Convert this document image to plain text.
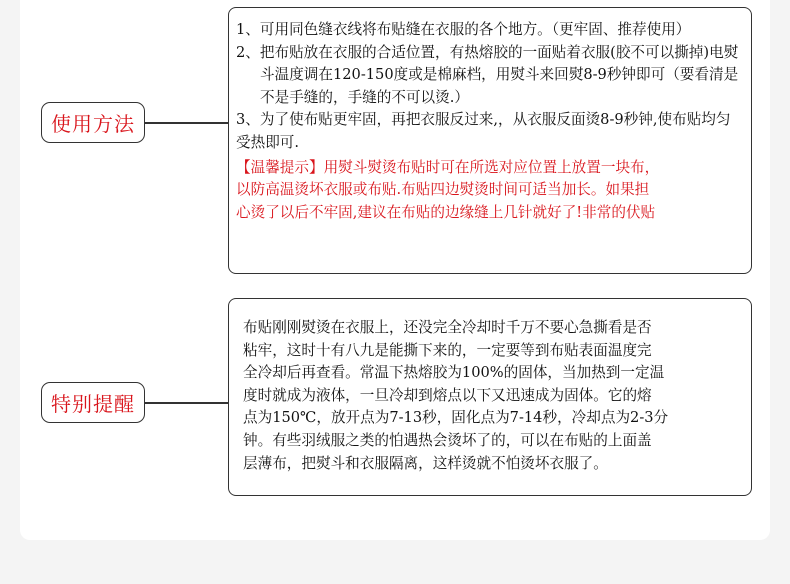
使用方法

1、可用同色缝衣线将布贴缝在衣服的各个地方。（更牢固、推荐使用）

2、把布贴放在衣服的合适位置，有热熔胶的一面贴着衣服(胶不可以撕掉)电熨斗温度调在120-150度或是棉麻档，用熨斗来回熨8-9秒钟即可（要看清是不是手缝的，手缝的不可以烫.）

3、为了使布贴更牢固，再把衣服反过来,，从衣服反面烫8-9秒钟,使布贴均匀受热即可.

【温馨提示】用熨斗熨烫布贴时可在所选对应位置上放置一块布，

以防高温烫坏衣服或布贴.布贴四边熨烫时间可适当加长。如果担

心烫了以后不牢固,建议在布贴的边缘缝上几针就好了!非常的伏贴

特别提醒

布贴刚刚熨烫在衣服上，还没完全冷却时千万不要心急撕看是否

粘牢，这时十有八九是能撕下来的，一定要等到布贴表面温度完

全冷却后再查看。常温下热熔胶为100%的固体，当加热到一定温

度时就成为液体，一旦冷却到熔点以下又迅速成为固体。它的熔

点为150℃，放开点为7-13秒，固化点为7-14秒，冷却点为2-3分

钟。有些羽绒服之类的怕遇热会烫坏了的，可以在布贴的上面盖

层薄布，把熨斗和衣服隔离，这样烫就不怕烫坏衣服了。
